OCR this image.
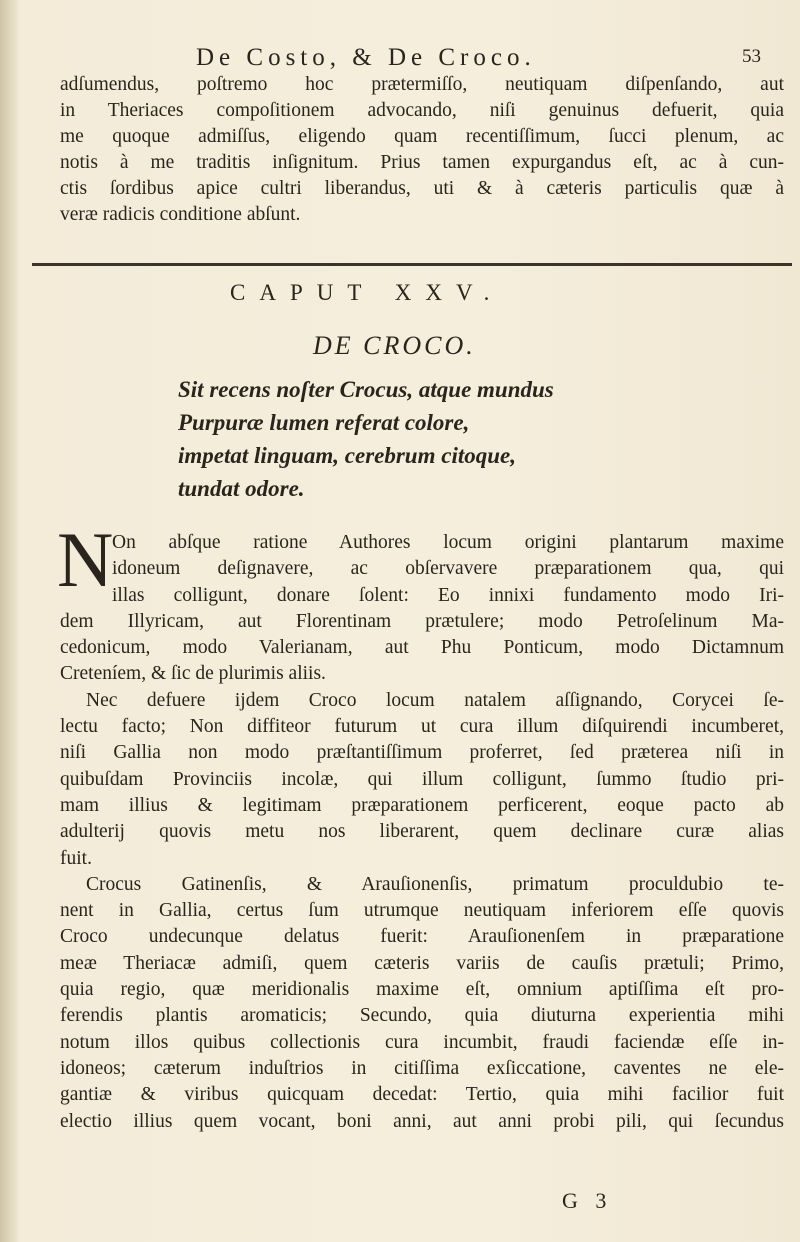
De Costo, & De Croco.	53
adſumendus, poſtremo hoc prætermiſſo, neutiquam diſpenſando, aut
in Theriaces compoſitionem advocando, niſi genuinus defuerit, quia
me quoque admiſſus, eligendo quam recentiſſimum, ſucci plenum, ac
notis à me traditis inſignitum. Prius tamen expurgandus eſt, ac à cun-
ctis ſordibus apice cultri liberandus, uti & à cæteris particulis quæ à
veræ radicis conditione abſunt.
CAPUT XXV.
DE CROCO.
Sit recens noſter Crocus, atque mundus
Purpuræ lumen referat colore,
impetat linguam, cerebrum citoque,
tundat odore.
N
On abſque ratione Authores locum origini plantarum maxime
idoneum deſignavere, ac obſervavere præparationem qua, qui
illas colligunt, donare ſolent: Eo innixi fundamento modo Iri-
dem Illyricam, aut Florentinam prætulere; modo Petroſelinum Ma-
cedonicum, modo Valerianam, aut Phu Ponticum, modo Dictamnum
Creteníem, & ſic de plurimis aliis.
Nec defuere ijdem Croco locum natalem aſſignando, Corycei ſe-
lectu facto; Non diffiteor futurum ut cura illum diſquirendi incumberet,
niſi Gallia non modo præſtantiſſimum proferret, ſed præterea niſi in
quibuſdam Provinciis incolæ, qui illum colligunt, ſummo ſtudio pri-
mam illius & legitimam præparationem perficerent, eoque pacto ab
adulterij quovis metu nos liberarent, quem declinare curæ alias
fuit.
Crocus Gatinenſis, & Arauſionenſis, primatum proculdubio te-
nent in Gallia, certus ſum utrumque neutiquam inferiorem eſſe quovis
Croco undecunque delatus fuerit: Arauſionenſem in præparatione
meæ Theriacæ admiſi, quem cæteris variis de cauſis prætuli; Primo,
quia regio, quæ meridionalis maxime eſt, omnium aptiſſima eſt pro-
ferendis plantis aromaticis; Secundo, quia diuturna experientia mihi
notum illos quibus collectionis cura incumbit, fraudi faciendæ eſſe in-
idoneos; cæterum induſtrios in citiſſima exſiccatione, caventes ne ele-
gantiæ & viribus quicquam decedat: Tertio, quia mihi facilior fuit
electio illius quem vocant, boni anni, aut anni probi pili, qui ſecundus
G 3
